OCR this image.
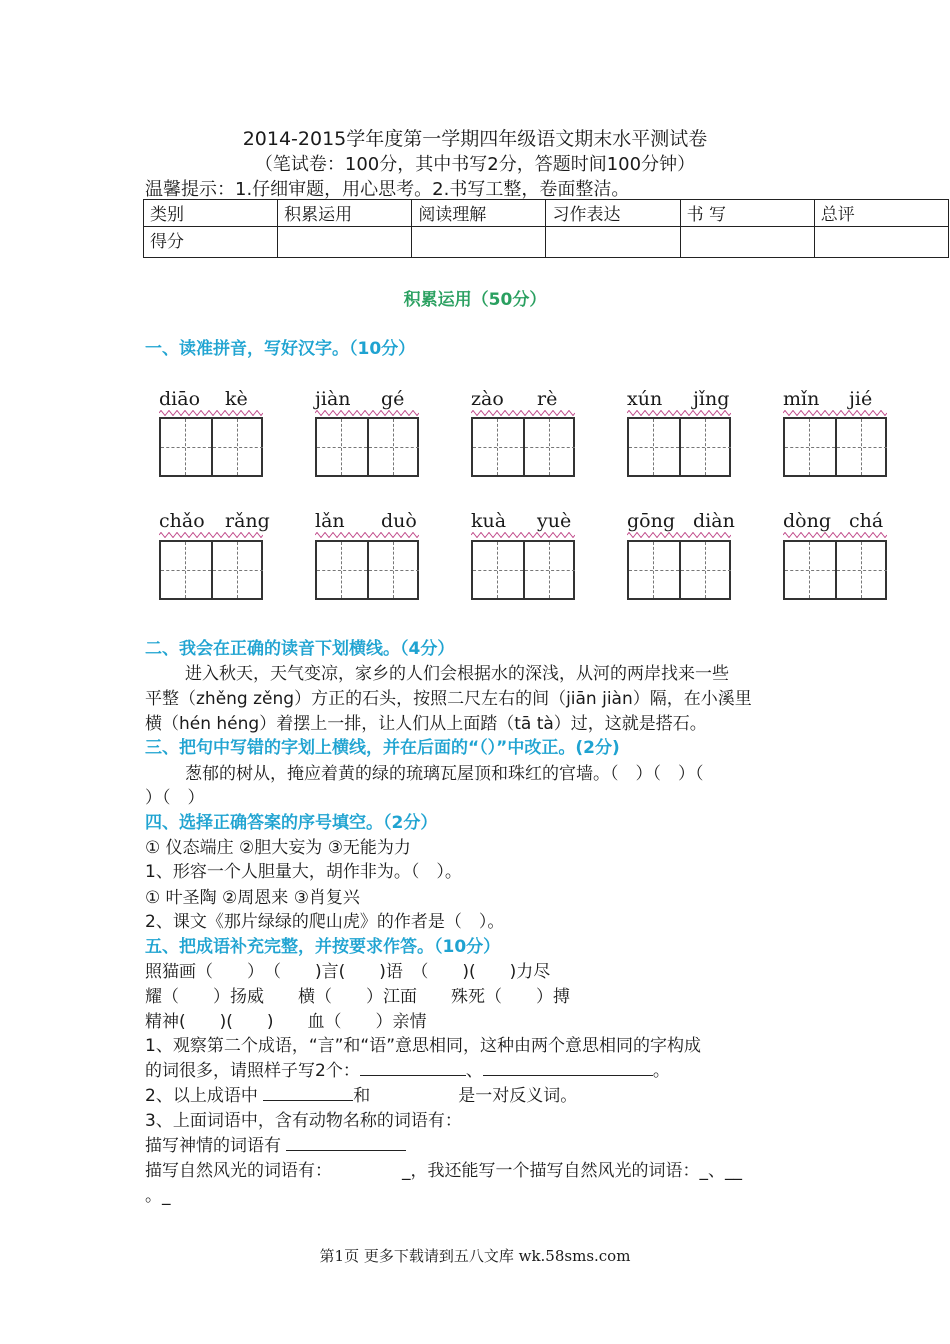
2014-2015学年度第一学期四年级语文期末水平测试卷
（笔试卷：100分，其中书写2分，答题时间100分钟）
温馨提示：1.仔细审题，用心思考。2.书写工整，卷面整洁。
类别	积累运用	阅读理解	习作表达	书 写	总评
得分					
积累运用（50分）
一、读准拼音，写好汉字。（10分）
diāo kè	jiàn gé	zào rè	xún jǐng	mǐn jié
chǎo rǎng lǎn duò	kuà yuè	gōng diàn	dòng chá
二、我会在正确的读音下划横线。（4分）
进入秋天，天气变凉，家乡的人们会根据水的深浅，从河的两岸找来一些
平整（zhěng zěng）方正的石头，按照二尺左右的间（jiān jiàn）隔，在小溪里
横（hén héng）着摆上一排，让人们从上面踏（tā tà）过，这就是搭石。
三、把句中写错的字划上横线，并在后面的“（）”中改正。(2分)
葱郁的树从，掩应着黄的绿的琉璃瓦屋顶和珠红的官墙。（　）（　）（
）（　）
四、选择正确答案的序号填空。（2分）
① 仪态端庄 ②胆大妄为 ③无能为力
1、形容一个人胆量大，胡作非为。（　）。
① 叶圣陶 ②周恩来 ③肖复兴
2、课文《那片绿绿的爬山虎》的作者是（　）。
五、把成语补充完整，并按要求作答。（10分）
照猫画（　　）　（　　)言(　　)语　（　　)(　　)力尽
耀（　　）扬威　　横（　　）江面　　殊死（　　）搏
精神(　　)(　　)　　血（　　）亲情
1、观察第二个成语，“言”和“语”意思相同，这种由两个意思相同的字构成
的词很多，请照样子写2个：	、	。
2、以上成语中	和	是一对反义词。
3、上面词语中，含有动物名称的词语有：
描写神情的词语有
描写自然风光的词语有：	_，我还能写一个描写自然风光的词语：_、__
。_
第1页 更多下载请到五八文库 wk.58sms.com
